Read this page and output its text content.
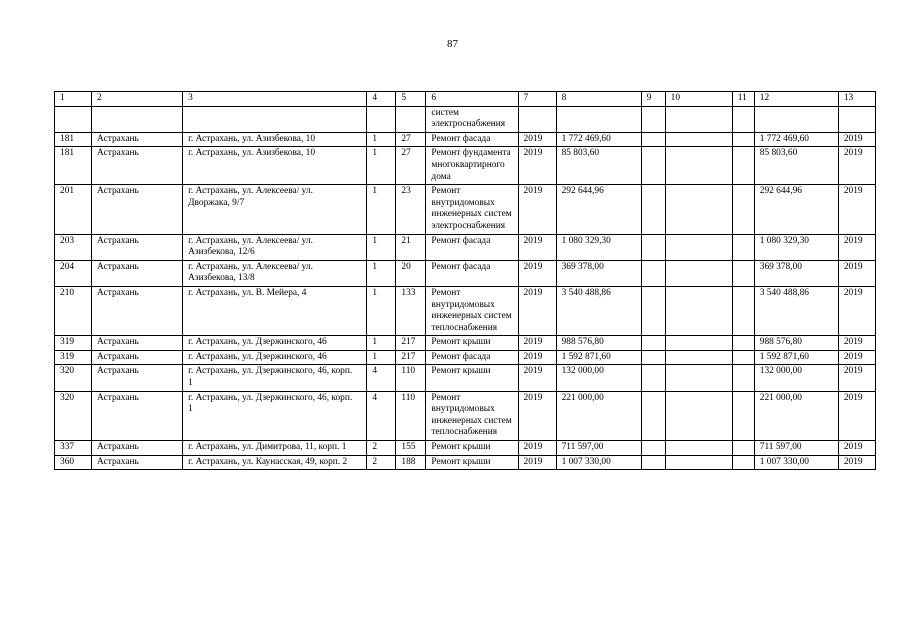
87
1	2	3	4	5	6	7	8	9	10	11	12	13
					систем электроснабжения							
181	Астрахань	г. Астрахань, ул. Азизбекова, 10	1	27	Ремонт фасада	2019	1 772 469,60				1 772 469,60	2019
181	Астрахань	г. Астрахань, ул. Азизбекова, 10	1	27	Ремонт фундамента многоквартирного дома	2019	85 803,60				85 803,60	2019
201	Астрахань	г. Астрахань, ул. Алексеева/ ул. Дворжака, 9/7	1	23	Ремонт внутридомовых инженерных систем электроснабжения	2019	292 644,96				292 644,96	2019
203	Астрахань	г. Астрахань, ул. Алексеева/ ул. Азизбекова, 12/6	1	21	Ремонт фасада	2019	1 080 329,30				1 080 329,30	2019
204	Астрахань	г. Астрахань, ул. Алексеева/ ул. Азизбекова, 13/8	1	20	Ремонт фасада	2019	369 378,00				369 378,00	2019
210	Астрахань	г. Астрахань, ул. В. Мейера, 4	1	133	Ремонт внутридомовых инженерных систем теплоснабжения	2019	3 540 488,86				3 540 488,86	2019
319	Астрахань	г. Астрахань, ул. Дзержинского, 46	1	217	Ремонт крыши	2019	988 576,80				988 576,80	2019
319	Астрахань	г. Астрахань, ул. Дзержинского, 46	1	217	Ремонт фасада	2019	1 592 871,60				1 592 871,60	2019
320	Астрахань	г. Астрахань, ул. Дзержинского, 46, корп. 1	4	110	Ремонт крыши	2019	132 000,00				132 000,00	2019
320	Астрахань	г. Астрахань, ул. Дзержинского, 46, корп. 1	4	110	Ремонт внутридомовых инженерных систем теплоснабжения	2019	221 000,00				221 000,00	2019
337	Астрахань	г. Астрахань, ул. Димитрова, 11, корп. 1	2	155	Ремонт крыши	2019	711 597,00				711 597,00	2019
360	Астрахань	г. Астрахань, ул. Каунасская, 49, корп. 2	2	188	Ремонт крыши	2019	1 007 330,00				1 007 330,00	2019
